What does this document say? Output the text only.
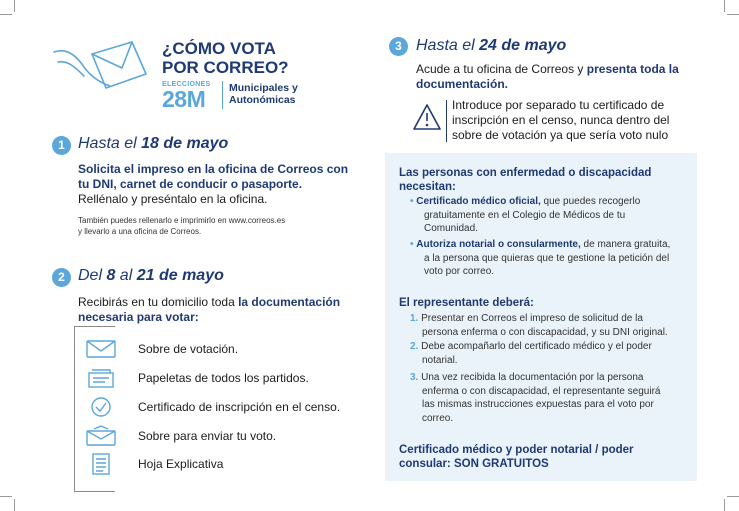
¿CÓMO VOTA
POR CORREO?
ELECCIONES
28M Municipales y
Autonómicas
1 Hasta el 18 de mayo
Solicita el impreso en la oficina de Correos con
tu DNI, carnet de conducir o pasaporte.
Rellénalo y preséntalo en la oficina.
También puedes rellenarlo e imprimirlo en www.correos.es
y llevarlo a una oficina de Correos.
2 Del 8 al 21 de mayo
Recibirás en tu domicilio toda la documentación
necesaria para votar:
Sobre de votación.
Papeletas de todos los partidos.
Certificado de inscripción en el censo.
Sobre para enviar tu voto.
Hoja Explicativa
3 Hasta el 24 de mayo
Acude a tu oficina de Correos y presenta toda la
documentación.
Introduce por separado tu certificado de
inscripción en el censo, nunca dentro del
sobre de votación ya que sería voto nulo
Las personas con enfermedad o discapacidad
necesitan:
• Certificado médico oficial, que puedes recogerlo
gratuitamente en el Colegio de Médicos de tu
Comunidad.
• Autoriza notarial o consularmente, de manera gratuita,
a la persona que quieras que te gestione la petición del
voto por correo.
El representante deberá:
1. Presentar en Correos el impreso de solicitud de la
persona enferma o con discapacidad, y su DNI original.
2. Debe acompañarlo del certificado médico y el poder
notarial.
3. Una vez recibida la documentación por la persona
enferma o con discapacidad, el representante seguirá
las mismas instrucciones expuestas para el voto por
correo.
Certificado médico y poder notarial / poder
consular: SON GRATUITOS
